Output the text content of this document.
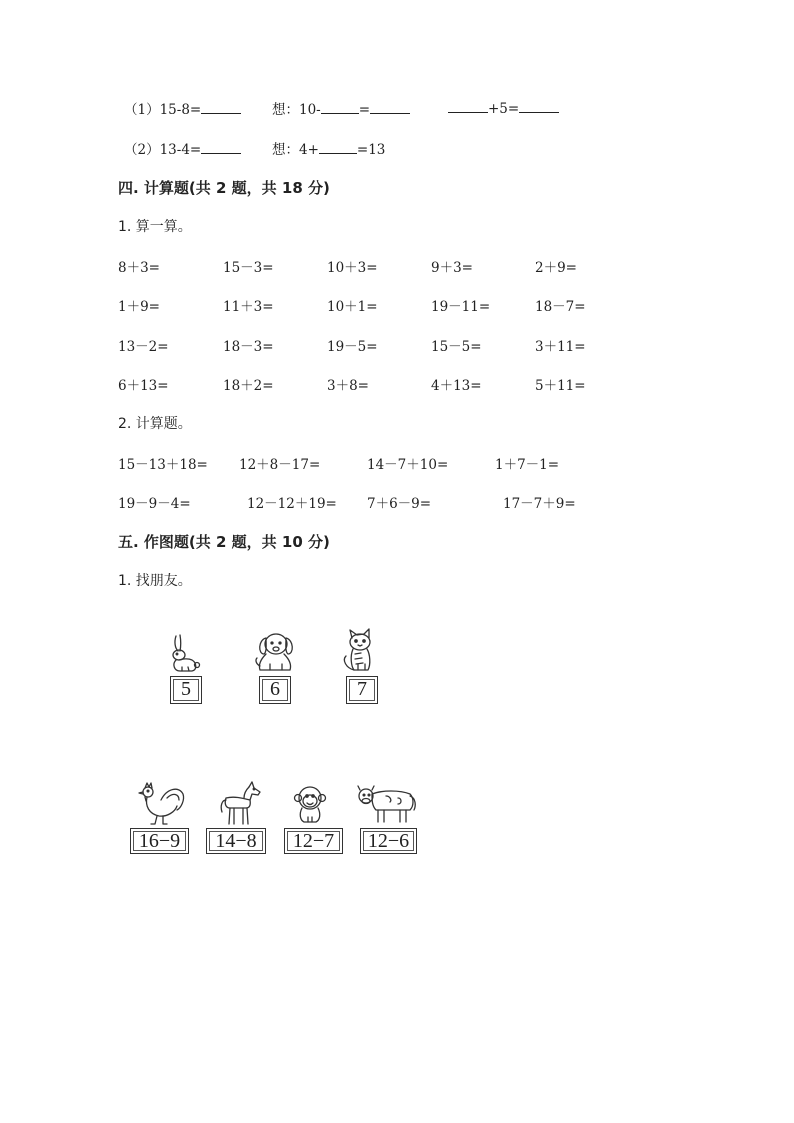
（1）15-8=	想：10-	=	+5=
（2）13-4=	想：4+	=13
四. 计算题(共 2 题，共 18 分)
1. 算一算。
8＋3=	15－3=	10＋3=	9＋3=	2＋9=
1＋9=	11＋3=	10＋1=	19－11=	18－7=
13－2=	18－3=	19－5=	15－5=	3＋11=
6＋13=	18＋2=	3＋8=	4＋13=	5＋11=
2. 计算题。
15－13＋18= 12＋8－17=	14－7＋10=	1＋7－1=
19－9－4=	12－12＋19= 7＋6－9=	17－7＋9=
五. 作图题(共 2 题，共 10 分)
1. 找朋友。
5	6	7
16−9	14−8	12−7	12−6
